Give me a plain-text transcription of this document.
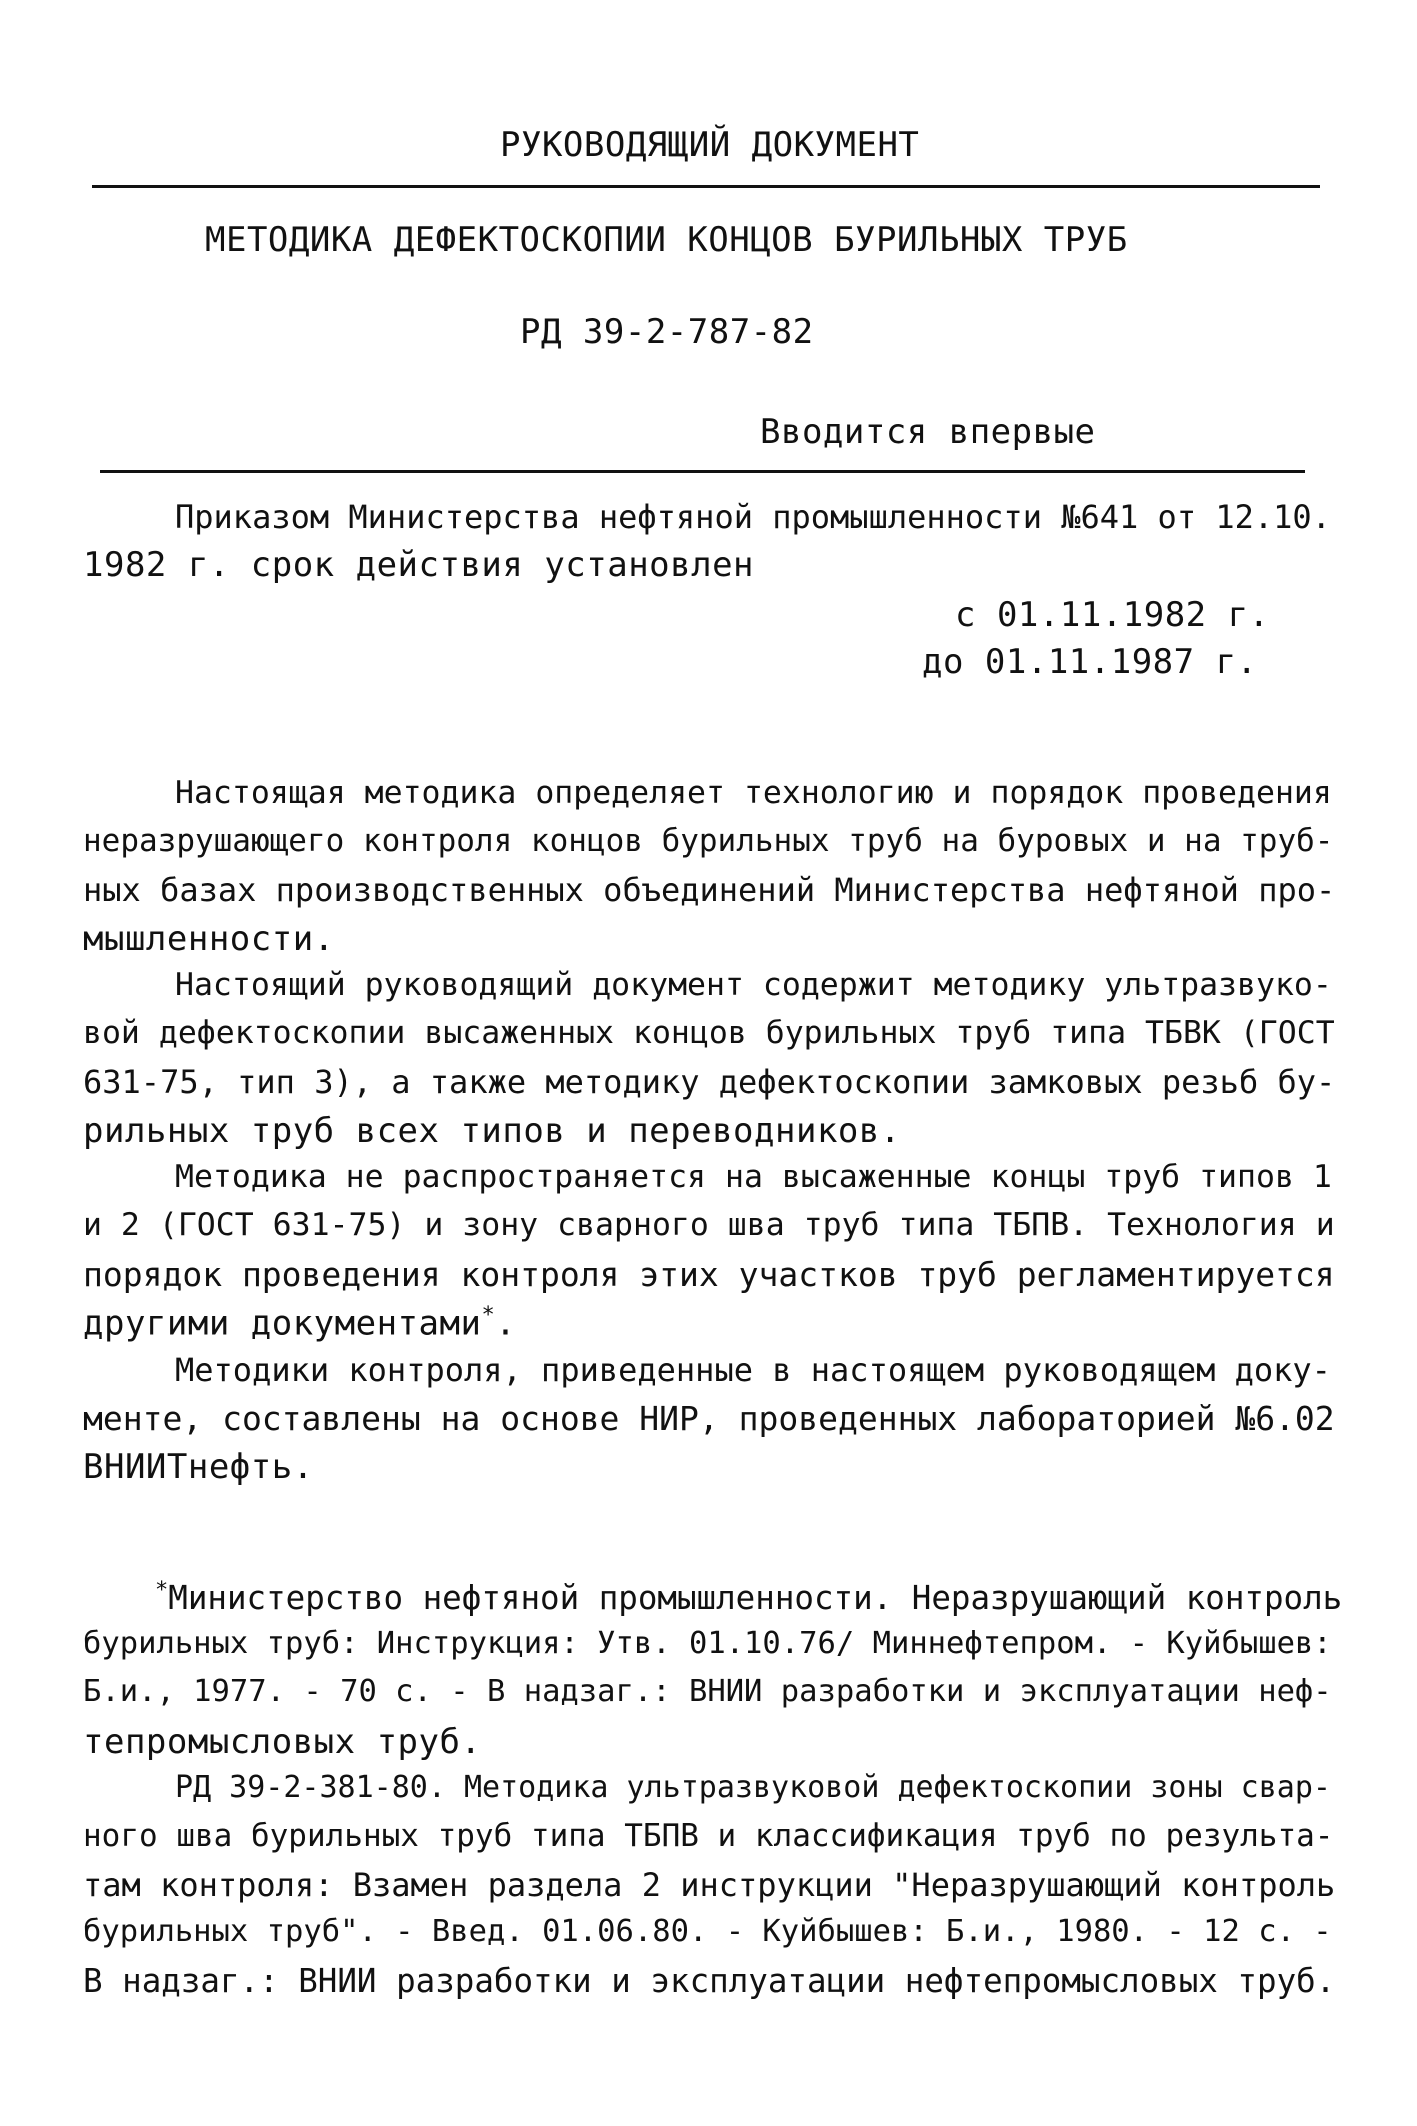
РУКОВОДЯЩИЙ ДОКУМЕНТ
МЕТОДИКА ДЕФЕКТОСКОПИИ КОНЦОВ БУРИЛЬНЫХ ТРУБ
РД 39-2-787-82
Вводится впервые
Приказом Министерства нефтяной промышленности №641 от 12.10.
1982 г. срок действия установлен
с 01.11.1982 г.
до 01.11.1987 г.
Настоящая методика определяет технологию и порядок проведения
неразрушающего контроля концов бурильных труб на буровых и на труб-
ных базах производственных объединений Министерства нефтяной про-
мышленности.
Настоящий руководящий документ содержит методику ультразвуко-
вой дефектоскопии высаженных концов бурильных труб типа ТБВК (ГОСТ
631-75, тип 3), а также методику дефектоскопии замковых резьб бу-
рильных труб всех типов и переводников.
Методика не распространяется на высаженные концы труб типов 1
и 2 (ГОСТ 631-75) и зону сварного шва труб типа ТБПВ. Технология и
порядок проведения контроля этих участков труб регламентируется
другими документами*.
Методики контроля, приведенные в настоящем руководящем доку-
менте, составлены на основе НИР, проведенных лабораторией №6.02
ВНИИТнефть.
*Министерство нефтяной промышленности. Неразрушающий контроль
бурильных труб: Инструкция: Утв. 01.10.76/ Миннефтепром. - Куйбышев:
Б.и., 1977. - 70 с. - В надзаг.: ВНИИ разработки и эксплуатации неф-
тепромысловых труб.
РД 39-2-381-80. Методика ультразвуковой дефектоскопии зоны свар-
ного шва бурильных труб типа ТБПВ и классификация труб по результа-
там контроля: Взамен раздела 2 инструкции "Неразрушающий контроль
бурильных труб". - Введ. 01.06.80. - Куйбышев: Б.и., 1980. - 12 с. -
В надзаг.: ВНИИ разработки и эксплуатации нефтепромысловых труб.
